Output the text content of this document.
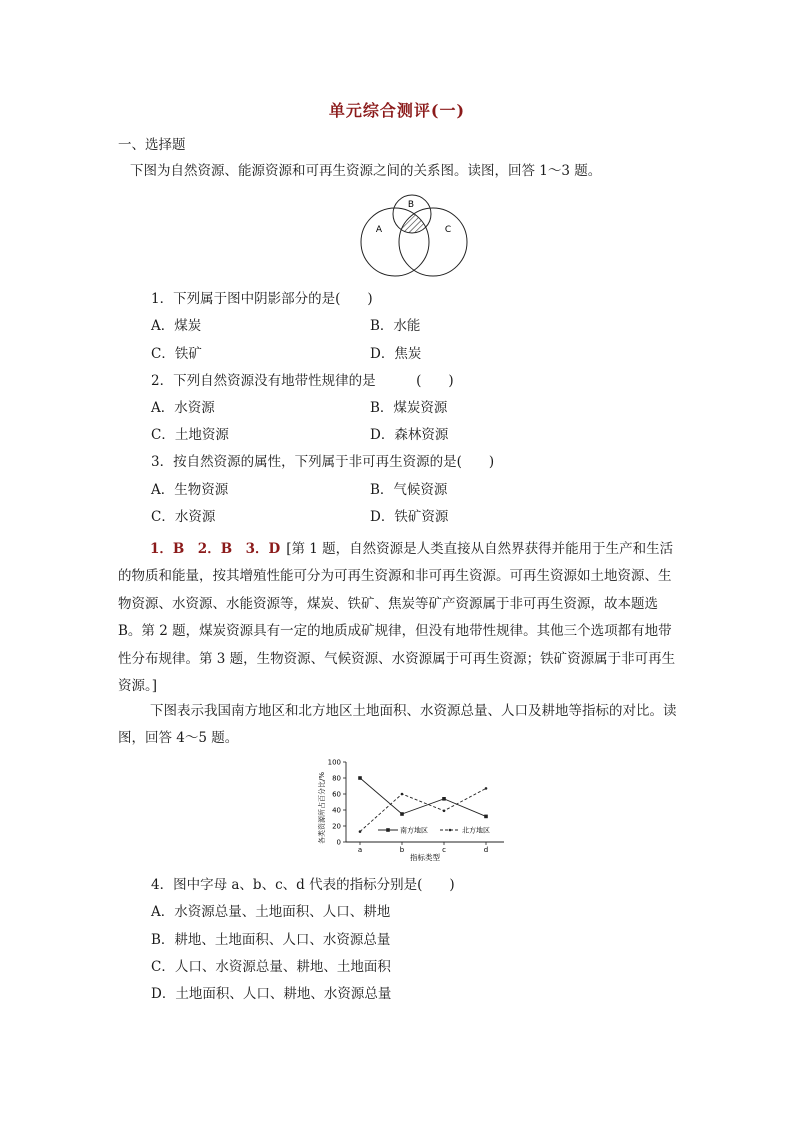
单元综合测评(一)
一、选择题
下图为自然资源、能源资源和可再生资源之间的关系图。读图，回答 1～3 题。
A
B
C
1．下列属于图中阴影部分的是(　　)
A．煤炭	B．水能
C．铁矿	D．焦炭
2．下列自然资源没有地带性规律的是　　　(　　)
A．水资源	B．煤炭资源
C．土地资源	D．森林资源
3．按自然资源的属性，下列属于非可再生资源的是(　　)
A．生物资源	B．气候资源
C．水资源	D．铁矿资源
1．B　2．B　3．D [第 1 题，自然资源是人类直接从自然界获得并能用于生产和生活的物质和能量，按其增殖性能可分为可再生资源和非可再生资源。可再生资源如土地资源、生物资源、水资源、水能资源等，煤炭、铁矿、焦炭等矿产资源属于非可再生资源，故本题选 B。第 2 题，煤炭资源具有一定的地质成矿规律，但没有地带性规律。其他三个选项都有地带性分布规律。第 3 题，生物资源、气候资源、水资源属于可再生资源；铁矿资源属于非可再生资源。]
下图表示我国南方地区和北方地区土地面积、水资源总量、人口及耕地等指标的对比。读图，回答 4～5 题。
各类资源所占百分比/%
指标类型
0
20
40
60
80
100
a	b	c	d
南方地区	北方地区
4．图中字母 a、b、c、d 代表的指标分别是(　　)
A．水资源总量、土地面积、人口、耕地
B．耕地、土地面积、人口、水资源总量
C．人口、水资源总量、耕地、土地面积
D．土地面积、人口、耕地、水资源总量
